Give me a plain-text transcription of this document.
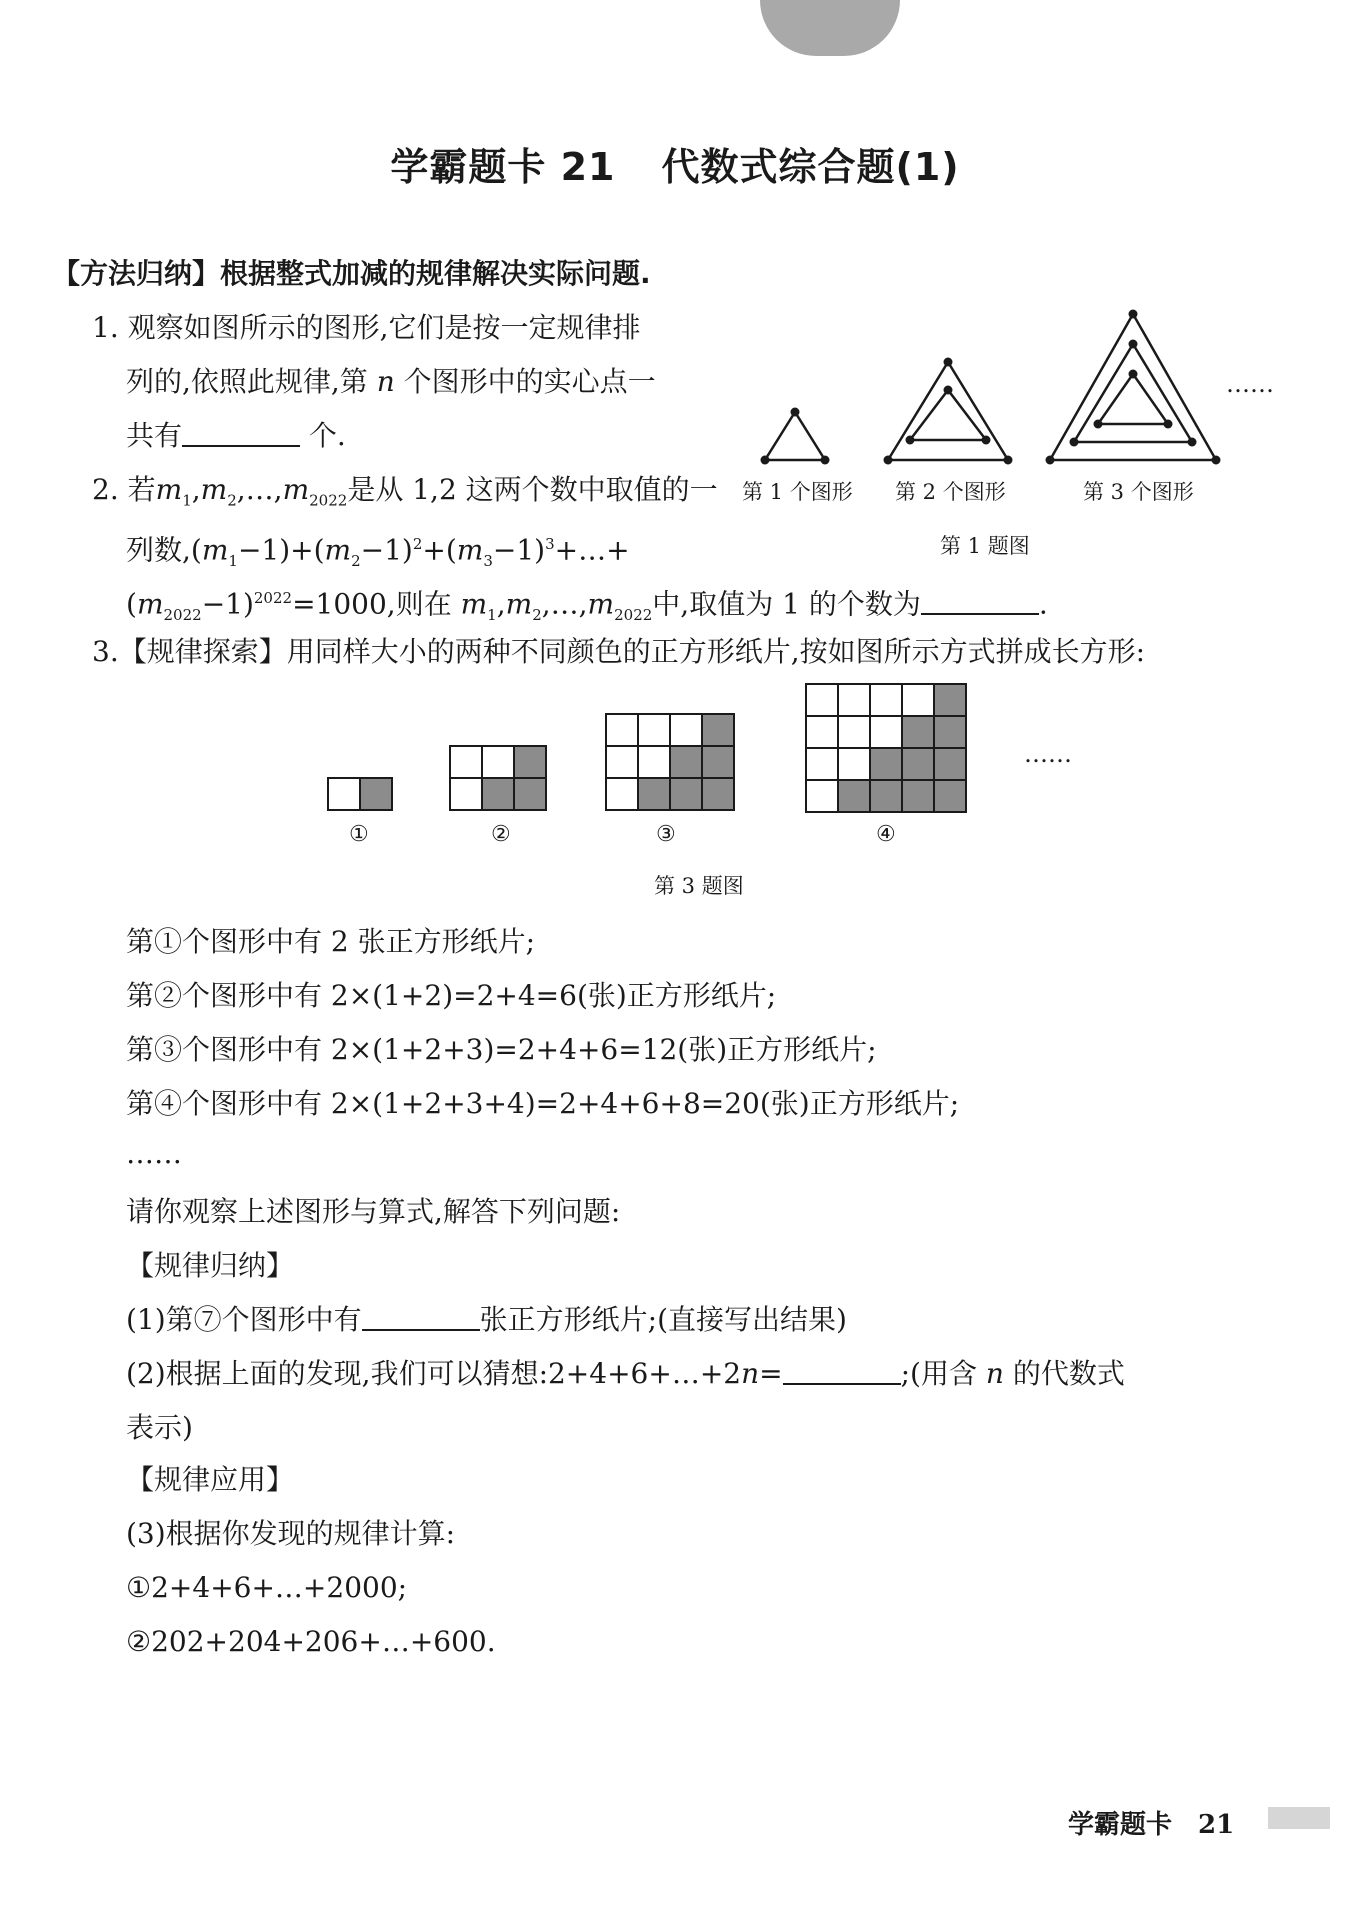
学霸题卡 21 代数式综合题(1)
【方法归纳】根据整式加减的规律解决实际问题.
1. 观察如图所示的图形,它们是按一定规律排
列的,依照此规律,第 n 个图形中的实心点一
共有	个.
第 1 个图形 第 2 个图形	第 3 个图形
第 1 题图
……
2. 若$m_1,m_2,\dots,m_{2022}$是从 1,2 这两个数中取值的一
列数$,(m_1-1)+(m_2-1)^2+(m_3-1)^3+\dots+$
$(m_{2022}-1)^{2022}=1000$,则在 $m_1,m_2,\dots,m_{2022}$中,取值为 1 的个数为	.
3.【规律探索】用同样大小的两种不同颜色的正方形纸片,按如图所示方式拼成长方形:
①	②	③	④
……
第 3 题图
第①个图形中有 2 张正方形纸片;
第②个图形中有 2×(1+2)=2+4=6(张)正方形纸片;
第③个图形中有 2×(1+2+3)=2+4+6=12(张)正方形纸片;
第④个图形中有 2×(1+2+3+4)=2+4+6+8=20(张)正方形纸片;
……
请你观察上述图形与算式,解答下列问题:
【规律归纳】
(1)第⑦个图形中有	张正方形纸片;(直接写出结果)
(2)根据上面的发现,我们可以猜想:2+4+6+…+2n=	;(用含 n 的代数式
表示)
【规律应用】
(3)根据你发现的规律计算:
①2+4+6+…+2000;
②202+204+206+…+600.
学霸题卡 21
